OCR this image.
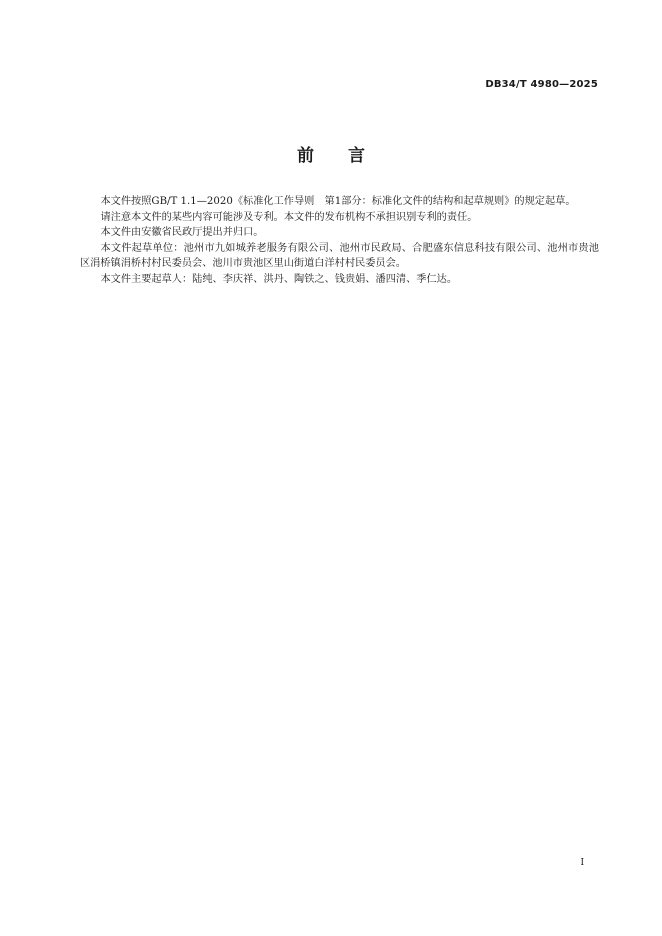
DB34/T 4980—2025
前 言

本文件按照GB/T 1.1—2020《标准化工作导则　第1部分：标准化文件的结构和起草规则》的规定起草。

请注意本文件的某些内容可能涉及专利。本文件的发布机构不承担识别专利的责任。

本文件由安徽省民政厅提出并归口。

本文件起草单位：池州市九如城养老服务有限公司、池州市民政局、合肥盛东信息科技有限公司、池州市贵池区涓桥镇涓桥村村民委员会、池川市贵池区里山街道白洋村村民委员会。

本文件主要起草人：陆纯、李庆祥、洪丹、陶铁之、钱贵娟、潘四清、季仁达。

I
